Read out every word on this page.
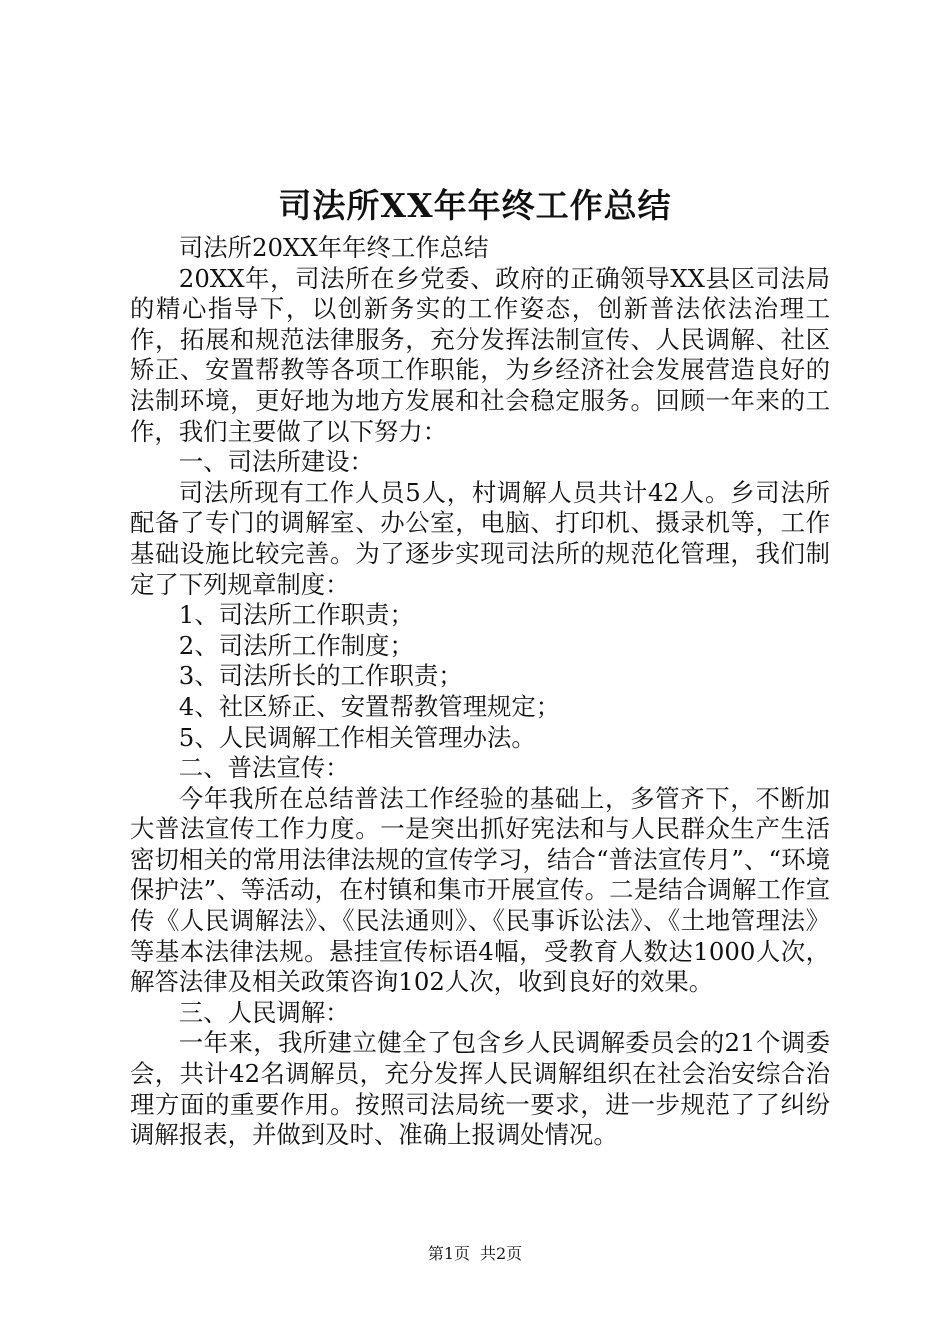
司法所XX年年终工作总结

司法所20XX年年终工作总结

20XX年，司法所在乡党委、政府的正确领导XX县区司法局的精心指导下，以创新务实的工作姿态，创新普法依法治理工作，拓展和规范法律服务，充分发挥法制宣传、人民调解、社区矫正、安置帮教等各项工作职能，为乡经济社会发展营造良好的法制环境，更好地为地方发展和社会稳定服务。回顾一年来的工作，我们主要做了以下努力：

一、司法所建设：

司法所现有工作人员5人，村调解人员共计42人。乡司法所配备了专门的调解室、办公室，电脑、打印机、摄录机等，工作基础设施比较完善。为了逐步实现司法所的规范化管理，我们制定了下列规章制度：

1、司法所工作职责；

2、司法所工作制度；

3、司法所长的工作职责；

4、社区矫正、安置帮教管理规定；

5、人民调解工作相关管理办法。

二、普法宣传：

今年我所在总结普法工作经验的基础上，多管齐下，不断加大普法宣传工作力度。一是突出抓好宪法和与人民群众生产生活密切相关的常用法律法规的宣传学习，结合“普法宣传月”、“环境保护法”、等活动，在村镇和集市开展宣传。二是结合调解工作宣传《人民调解法》、《民法通则》、《民事诉讼法》、《土地管理法》等基本法律法规。悬挂宣传标语4幅，受教育人数达1000人次，解答法律及相关政策咨询102人次，收到良好的效果。

三、人民调解：

一年来，我所建立健全了包含乡人民调解委员会的21个调委会，共计42名调解员，充分发挥人民调解组织在社会治安综合治理方面的重要作用。按照司法局统一要求，进一步规范了了纠纷调解报表，并做到及时、准确上报调处情况。

第1页 共2页
